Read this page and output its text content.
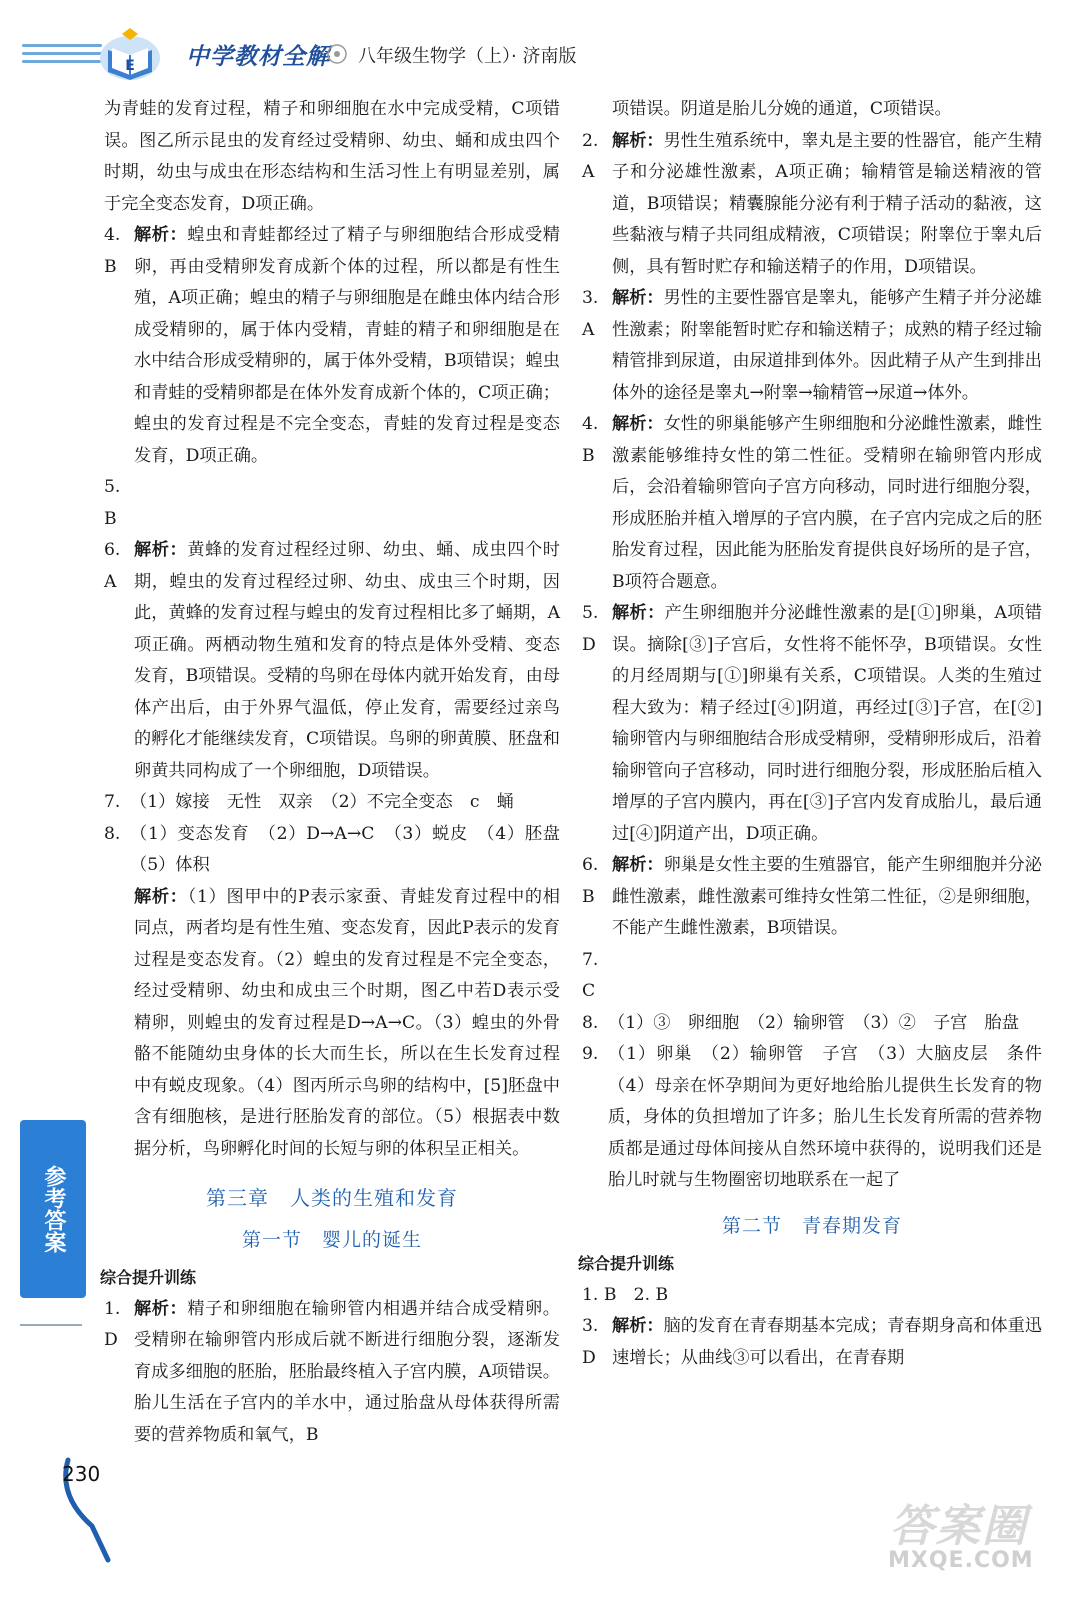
E 中学教材全解 八年级生物学（上）· 济南版

为青蛙的发育过程，精子和卵细胞在水中完成受精，C项错误。图乙所示昆虫的发育经过受精卵、幼虫、蛹和成虫四个时期，幼虫与成虫在形态结构和生活习性上有明显差别，属于完全变态发育，D项正确。

4. B
解析：蝗虫和青蛙都经过了精子与卵细胞结合形成受精卵，再由受精卵发育成新个体的过程，所以都是有性生殖，A项正确；蝗虫的精子与卵细胞是在雌虫体内结合形成受精卵的，属于体内受精，青蛙的精子和卵细胞是在水中结合形成受精卵的，属于体外受精，B项错误；蝗虫和青蛙的受精卵都是在体外发育成新个体的，C项正确；蝗虫的发育过程是不完全变态，青蛙的发育过程是变态发育，D项正确。
5. B
6. A
解析：黄蜂的发育过程经过卵、幼虫、蛹、成虫四个时期，蝗虫的发育过程经过卵、幼虫、成虫三个时期，因此，黄蜂的发育过程与蝗虫的发育过程相比多了蛹期，A项正确。两栖动物生殖和发育的特点是体外受精、变态发育，B项错误。受精的鸟卵在母体内就开始发育，由母体产出后，由于外界气温低，停止发育，需要经过亲鸟的孵化才能继续发育，C项错误。鸟卵的卵黄膜、胚盘和卵黄共同构成了一个卵细胞，D项错误。
7. （1）嫁接　无性　双亲　（2）不完全变态　c　蛹
8. （1）变态发育　（2）D→A→C　（3）蜕皮　（4）胚盘　（5）体积

解析：（1）图甲中的P表示家蚕、青蛙发育过程中的相同点，两者均是有性生殖、变态发育，因此P表示的发育过程是变态发育。（2）蝗虫的发育过程是不完全变态，经过受精卵、幼虫和成虫三个时期，图乙中若D表示受精卵，则蝗虫的发育过程是D→A→C。（3）蝗虫的外骨骼不能随幼虫身体的长大而生长，所以在生长发育过程中有蜕皮现象。（4）图丙所示鸟卵的结构中，[5]胚盘中含有细胞核，是进行胚胎发育的部位。（5）根据表中数据分析，鸟卵孵化时间的长短与卵的体积呈正相关。

第三章　人类的生殖和发育
第一节　婴儿的诞生
综合提升训练
1. D
解析：精子和卵细胞在输卵管内相遇并结合成受精卵。受精卵在输卵管内形成后就不断进行细胞分裂，逐渐发育成多细胞的胚胎，胚胎最终植入子宫内膜，A项错误。胎儿生活在子宫内的羊水中，通过胎盘从母体获得所需要的营养物质和氧气，B

项错误。阴道是胎儿分娩的通道，C项错误。

2. A
解析：男性生殖系统中，睾丸是主要的性器官，能产生精子和分泌雄性激素，A项正确；输精管是输送精液的管道，B项错误；精囊腺能分泌有利于精子活动的黏液，这些黏液与精子共同组成精液，C项错误；附睾位于睾丸后侧，具有暂时贮存和输送精子的作用，D项错误。
3. A
解析：男性的主要性器官是睾丸，能够产生精子并分泌雄性激素；附睾能暂时贮存和输送精子；成熟的精子经过输精管排到尿道，由尿道排到体外。因此精子从产生到排出体外的途径是睾丸→附睾→输精管→尿道→体外。
4. B
解析：女性的卵巢能够产生卵细胞和分泌雌性激素，雌性激素能够维持女性的第二性征。受精卵在输卵管内形成后，会沿着输卵管向子宫方向移动，同时进行细胞分裂，形成胚胎并植入增厚的子宫内膜，在子宫内完成之后的胚胎发育过程，因此能为胚胎发育提供良好场所的是子宫，B项符合题意。
5. D
解析：产生卵细胞并分泌雌性激素的是[①]卵巢，A项错误。摘除[③]子宫后，女性将不能怀孕，B项错误。女性的月经周期与[①]卵巢有关系，C项错误。人类的生殖过程大致为：精子经过[④]阴道，再经过[③]子宫，在[②]输卵管内与卵细胞结合形成受精卵，受精卵形成后，沿着输卵管向子宫移动，同时进行细胞分裂，形成胚胎后植入增厚的子宫内膜内，再在[③]子宫内发育成胎儿，最后通过[④]阴道产出，D项正确。
6. B
解析：卵巢是女性主要的生殖器官，能产生卵细胞并分泌雌性激素，雌性激素可维持女性第二性征，②是卵细胞，不能产生雌性激素，B项错误。
7. C
8. （1）③　卵细胞　（2）输卵管　（3）②　子宫　胎盘
9. （1）卵巢　（2）输卵管　子宫　（3）大脑皮层　条件　（4）母亲在怀孕期间为更好地给胎儿提供生长发育的物质，身体的负担增加了许多；胎儿生长发育所需的营养物质都是通过母体间接从自然环境中获得的，说明我们还是胎儿时就与生物圈密切地联系在一起了
第二节　青春期发育
综合提升训练

1. B　2. B

3. D
解析：脑的发育在青春期基本完成；青春期身高和体重迅速增长；从曲线③可以看出，在青春期
参考答案
230
答案圈
MXQE.COM
